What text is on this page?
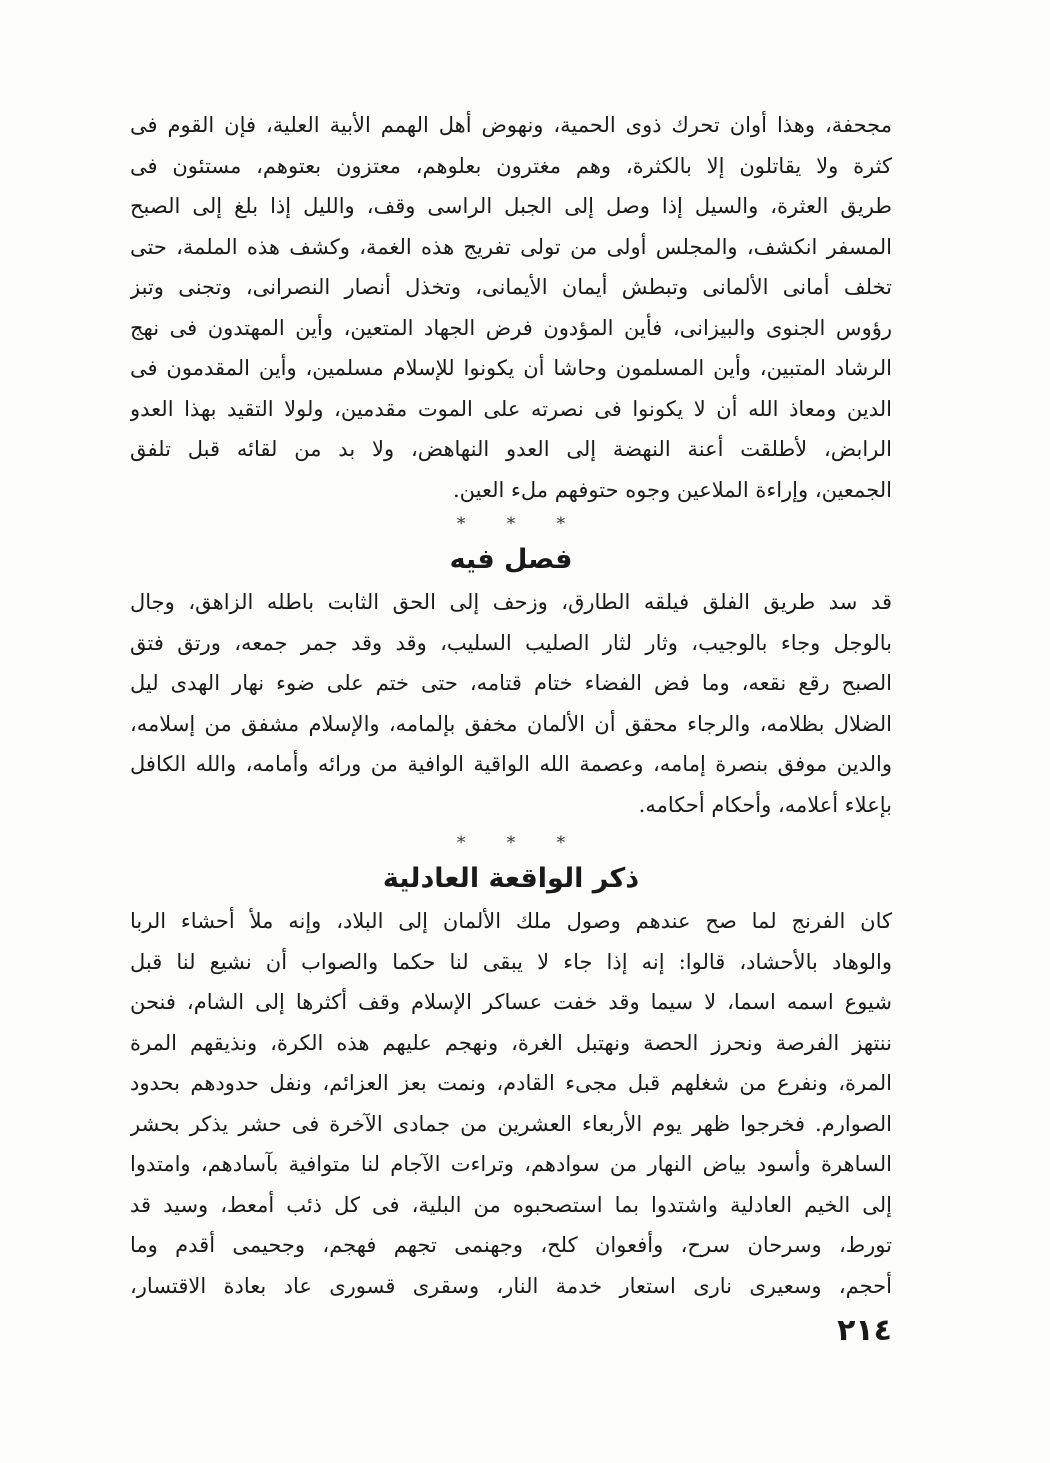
مجحفة، وهذا أوان تحرك ذوى الحمية، ونهوض أهل الهمم الأبية العلية، فإن القوم فى
كثرة ولا يقاتلون إلا بالكثرة، وهم مغترون بعلوهم، معتزون بعتوهم، مستئون فى
طريق العثرة، والسيل إذا وصل إلى الجبل الراسى وقف، والليل إذا بلغ إلى الصبح
المسفر انكشف، والمجلس أولى من تولى تفريج هذه الغمة، وكشف هذه الملمة، حتى
تخلف أمانى الألمانى وتبطش أيمان الأيمانى، وتخذل أنصار النصرانى، وتجنى وتبز
رؤوس الجنوى والبيزانى، فأين المؤدون فرض الجهاد المتعين، وأين المهتدون فى نهج
الرشاد المتبين، وأين المسلمون وحاشا أن يكونوا للإسلام مسلمين، وأين المقدمون فى
الدين ومعاذ الله أن لا يكونوا فى نصرته على الموت مقدمين، ولولا التقيد بهذا العدو
الرابض، لأطلقت أعنة النهضة إلى العدو النهاهض، ولا بد من لقائه قبل تلفق
الجمعين، وإراءة الملاعين وجوه حتوفهم ملء العين.
* * *
فصل فيه
قد سد طريق الفلق فيلقه الطارق، وزحف إلى الحق الثابت باطله الزاهق، وجال
بالوجل وجاء بالوجيب، وثار لثار الصليب السليب، وقد وقد جمر جمعه، ورتق فتق
الصبح رقع نقعه، وما فض الفضاء ختام قتامه، حتى ختم على ضوء نهار الهدى ليل
الضلال بظلامه، والرجاء محقق أن الألمان مخفق بإلمامه، والإسلام مشفق من إسلامه،
والدين موفق بنصرة إمامه، وعصمة الله الواقية الوافية من ورائه وأمامه، والله الكافل
بإعلاء أعلامه، وأحكام أحكامه.
* * *
ذكر الواقعة العادلية
كان الفرنج لما صح عندهم وصول ملك الألمان إلى البلاد، وإنه ملأ أحشاء الربا
والوهاد بالأحشاد، قالوا: إنه إذا جاء لا يبقى لنا حكما والصواب أن نشيع لنا قبل
شيوع اسمه اسما، لا سيما وقد خفت عساكر الإسلام وقف أكثرها إلى الشام، فنحن
ننتهز الفرصة ونحرز الحصة ونهتبل الغرة، ونهجم عليهم هذه الكرة، ونذيقهم المرة
المرة، ونفرع من شغلهم قبل مجىء القادم، ونمت بعز العزائم، ونفل حدودهم بحدود
الصوارم. فخرجوا ظهر يوم الأربعاء العشرين من جمادى الآخرة فى حشر يذكر بحشر
الساهرة وأسود بياض النهار من سوادهم، وتراءت الآجام لنا متوافية بآسادهم، وامتدوا
إلى الخيم العادلية واشتدوا بما استصحبوه من البلية، فى كل ذئب أمعط، وسيد قد
تورط، وسرحان سرح، وأفعوان كلح، وجهنمى تجهم فهجم، وجحيمى أقدم وما
أحجم، وسعيرى نارى استعار خدمة النار، وسقرى قسورى عاد بعادة الاقتسار،
٢١٤
